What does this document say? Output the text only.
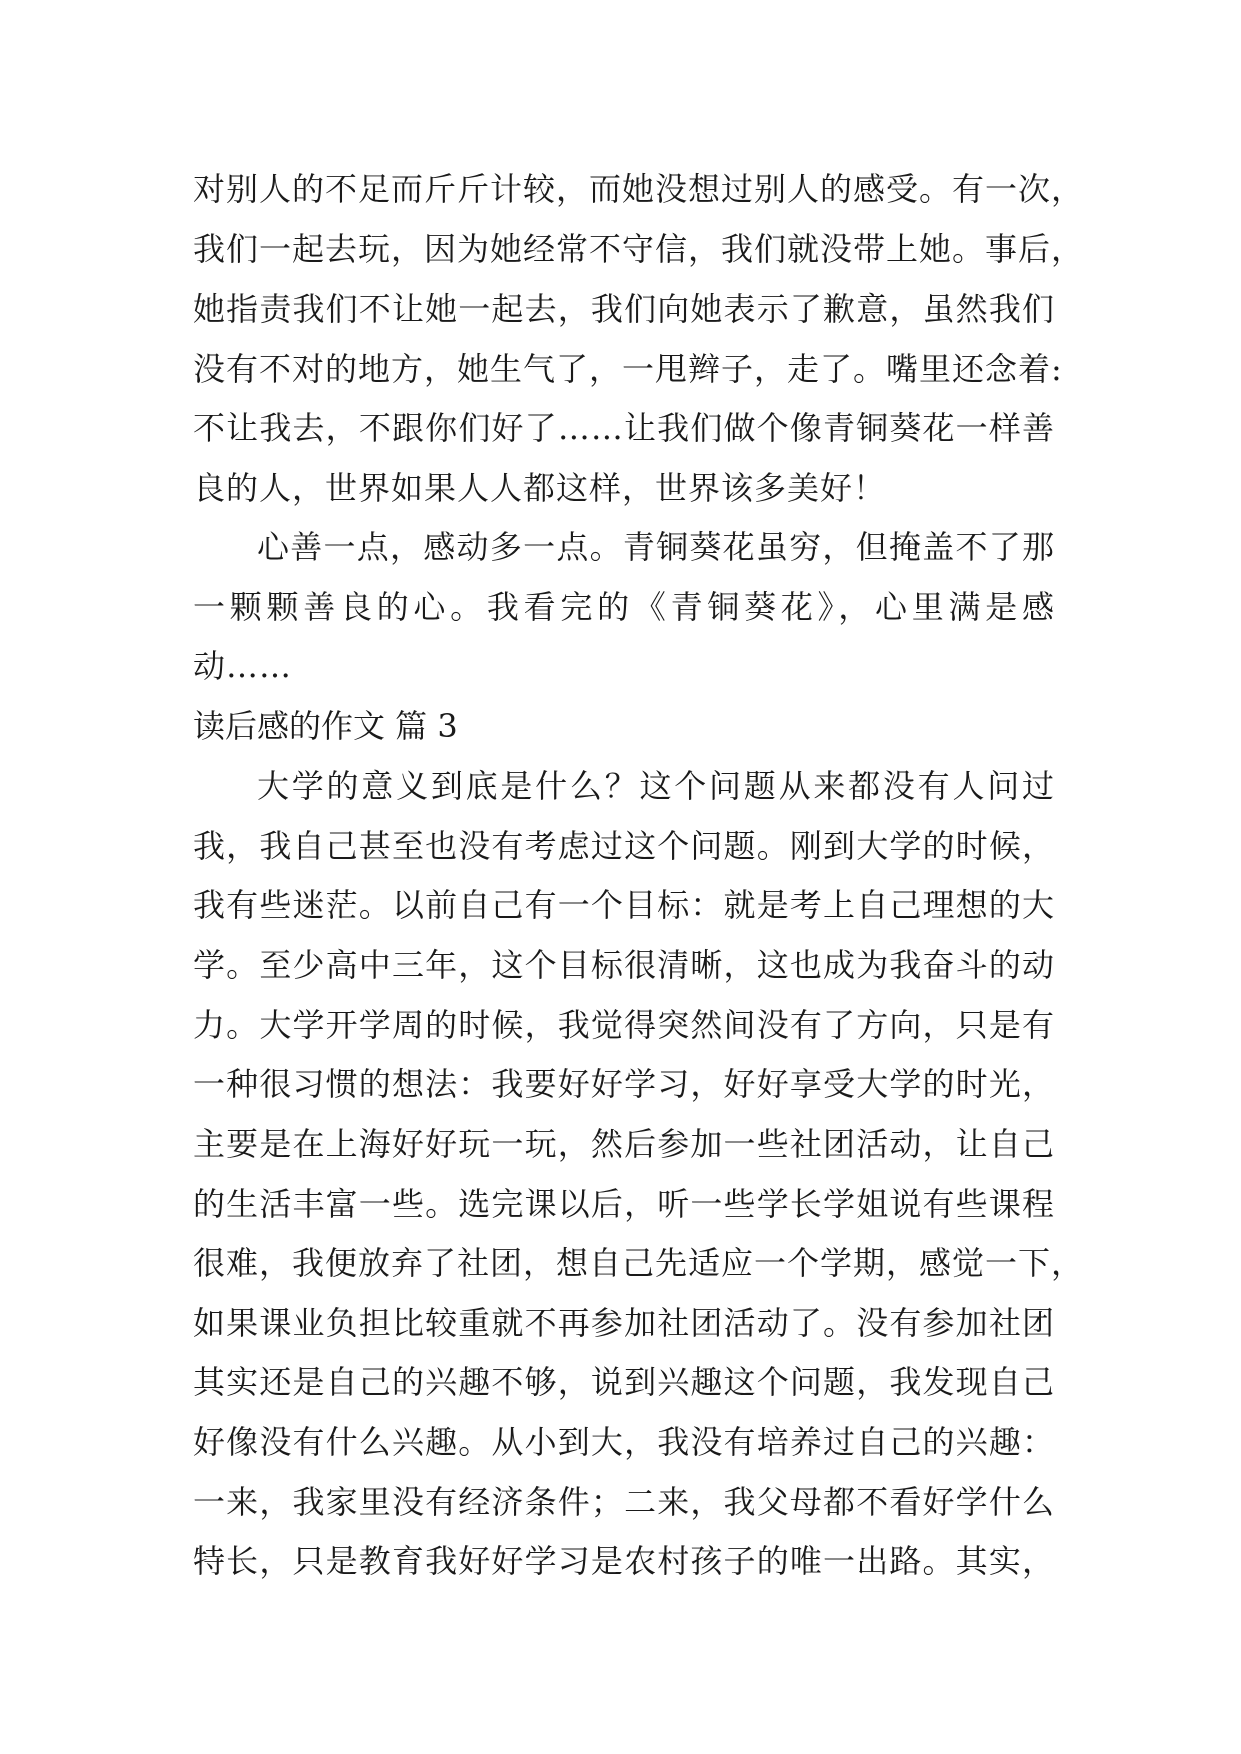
对别人的不足而斤斤计较，而她没想过别人的感受。有一次，
我们一起去玩，因为她经常不守信，我们就没带上她。事后，
她指责我们不让她一起去，我们向她表示了歉意，虽然我们
没有不对的地方，她生气了，一甩辫子，走了。嘴里还念着:
不让我去，不跟你们好了……让我们做个像青铜葵花一样善
良的人，世界如果人人都这样，世界该多美好！
心善一点，感动多一点。青铜葵花虽穷，但掩盖不了那
一颗颗善良的心。我看完的《青铜葵花》，心里满是感
动……
读后感的作文 篇 3
大学的意义到底是什么？这个问题从来都没有人问过
我，我自己甚至也没有考虑过这个问题。刚到大学的时候，
我有些迷茫。以前自己有一个目标：就是考上自己理想的大
学。至少高中三年，这个目标很清晰，这也成为我奋斗的动
力。大学开学周的时候，我觉得突然间没有了方向，只是有
一种很习惯的想法：我要好好学习，好好享受大学的时光，
主要是在上海好好玩一玩，然后参加一些社团活动，让自己
的生活丰富一些。选完课以后，听一些学长学姐说有些课程
很难，我便放弃了社团，想自己先适应一个学期，感觉一下，
如果课业负担比较重就不再参加社团活动了。没有参加社团
其实还是自己的兴趣不够，说到兴趣这个问题，我发现自己
好像没有什么兴趣。从小到大，我没有培养过自己的兴趣：
一来，我家里没有经济条件；二来，我父母都不看好学什么
特长，只是教育我好好学习是农村孩子的唯一出路。其实，
